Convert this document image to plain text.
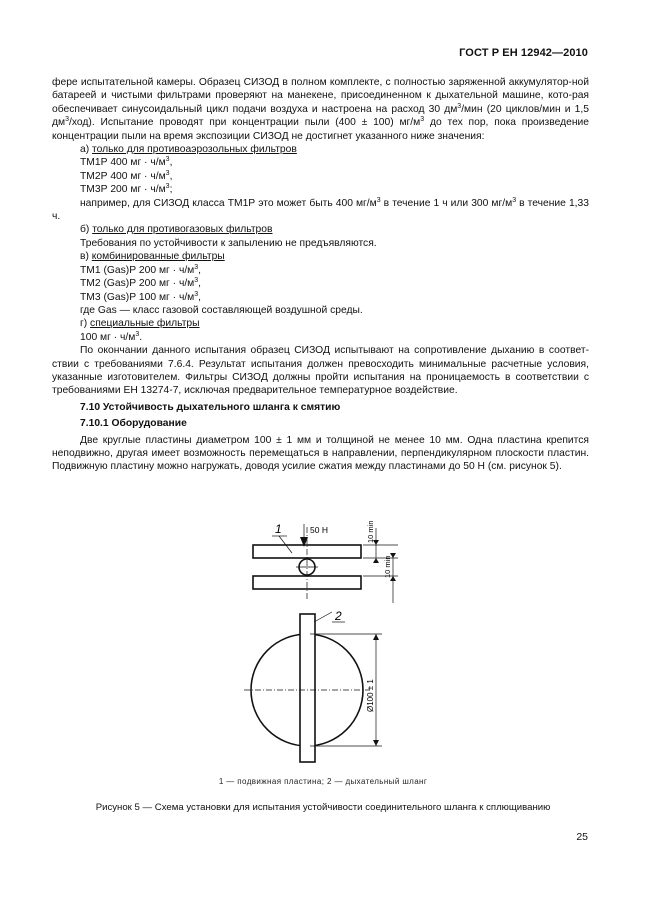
ГОСТ Р ЕН 12942—2010

фере испытательной камеры. Образец СИЗОД в полном комплекте, с полностью заряженной аккумулятор-ной батареей и чистыми фильтрами проверяют на манекене, присоединенном к дыхательной машине, кото-рая обеспечивает синусоидальный цикл подачи воздуха и настроена на расход 30 $дм^3$/мин (20 циклов/мин и 1,5 $дм^3/ход$). Испытание проводят при концентрации пыли (400 ± 100) $мг/м^3$ до тех пор, пока произведение концентрации пыли на время экспозиции СИЗОД не достигнет указанного ниже значения:

а) только для противоаэрозольных фильтров

ТМ1Р 400 мг · $ч/м^3$,

ТМ2Р 400 мг · $ч/м^3$,

ТМ3Р 200 мг · $ч/м^3$;

например, для СИЗОД класса ТМ1Р это может быть 400 $мг/м^3$ в течение 1 ч или 300 $мг/м^3$ в течение 1,33 ч.

б) только для противогазовых фильтров

Требования по устойчивости к запылению не предъявляются.

в) комбинированные фильтры

ТМ1 (Gas)Р 200 мг · $ч/м^3$,

ТМ2 (Gas)Р 200 мг · $ч/м^3$,

ТМ3 (Gas)Р 100 мг · $ч/м^3$,

где Gas — класс газовой составляющей воздушной среды.

г) специальные фильтры

100 мг · $ч/м^3$.

По окончании данного испытания образец СИЗОД испытывают на сопротивление дыханию в соответ-ствии с требованиями 7.6.4. Результат испытания должен превосходить минимальные расчетные условия, указанные изготовителем. Фильтры СИЗОД должны пройти испытания на проницаемость в соответствии с требованиями ЕН 13274-7, исключая предварительное температурное воздействие.

7.10 Устойчивость дыхательного шланга к смятию

7.10.1 Оборудование

Две круглые пластины диаметром 100 ± 1 мм и толщиной не менее 10 мм. Одна пластина крепится неподвижно, другая имеет возможность перемещаться в направлении, перпендикулярном плоскости пластин. Подвижную пластину можно нагружать, доводя усилие сжатия между пластинами до 50 Н (см. рисунок 5).

1
2
50 Н	10 min
10 min
Ø100 ± 1
1 — подвижная пластина; 2 — дыхательный шланг
Рисунок 5 — Схема установки для испытания устойчивости соединительного шланга к сплющиванию
25
